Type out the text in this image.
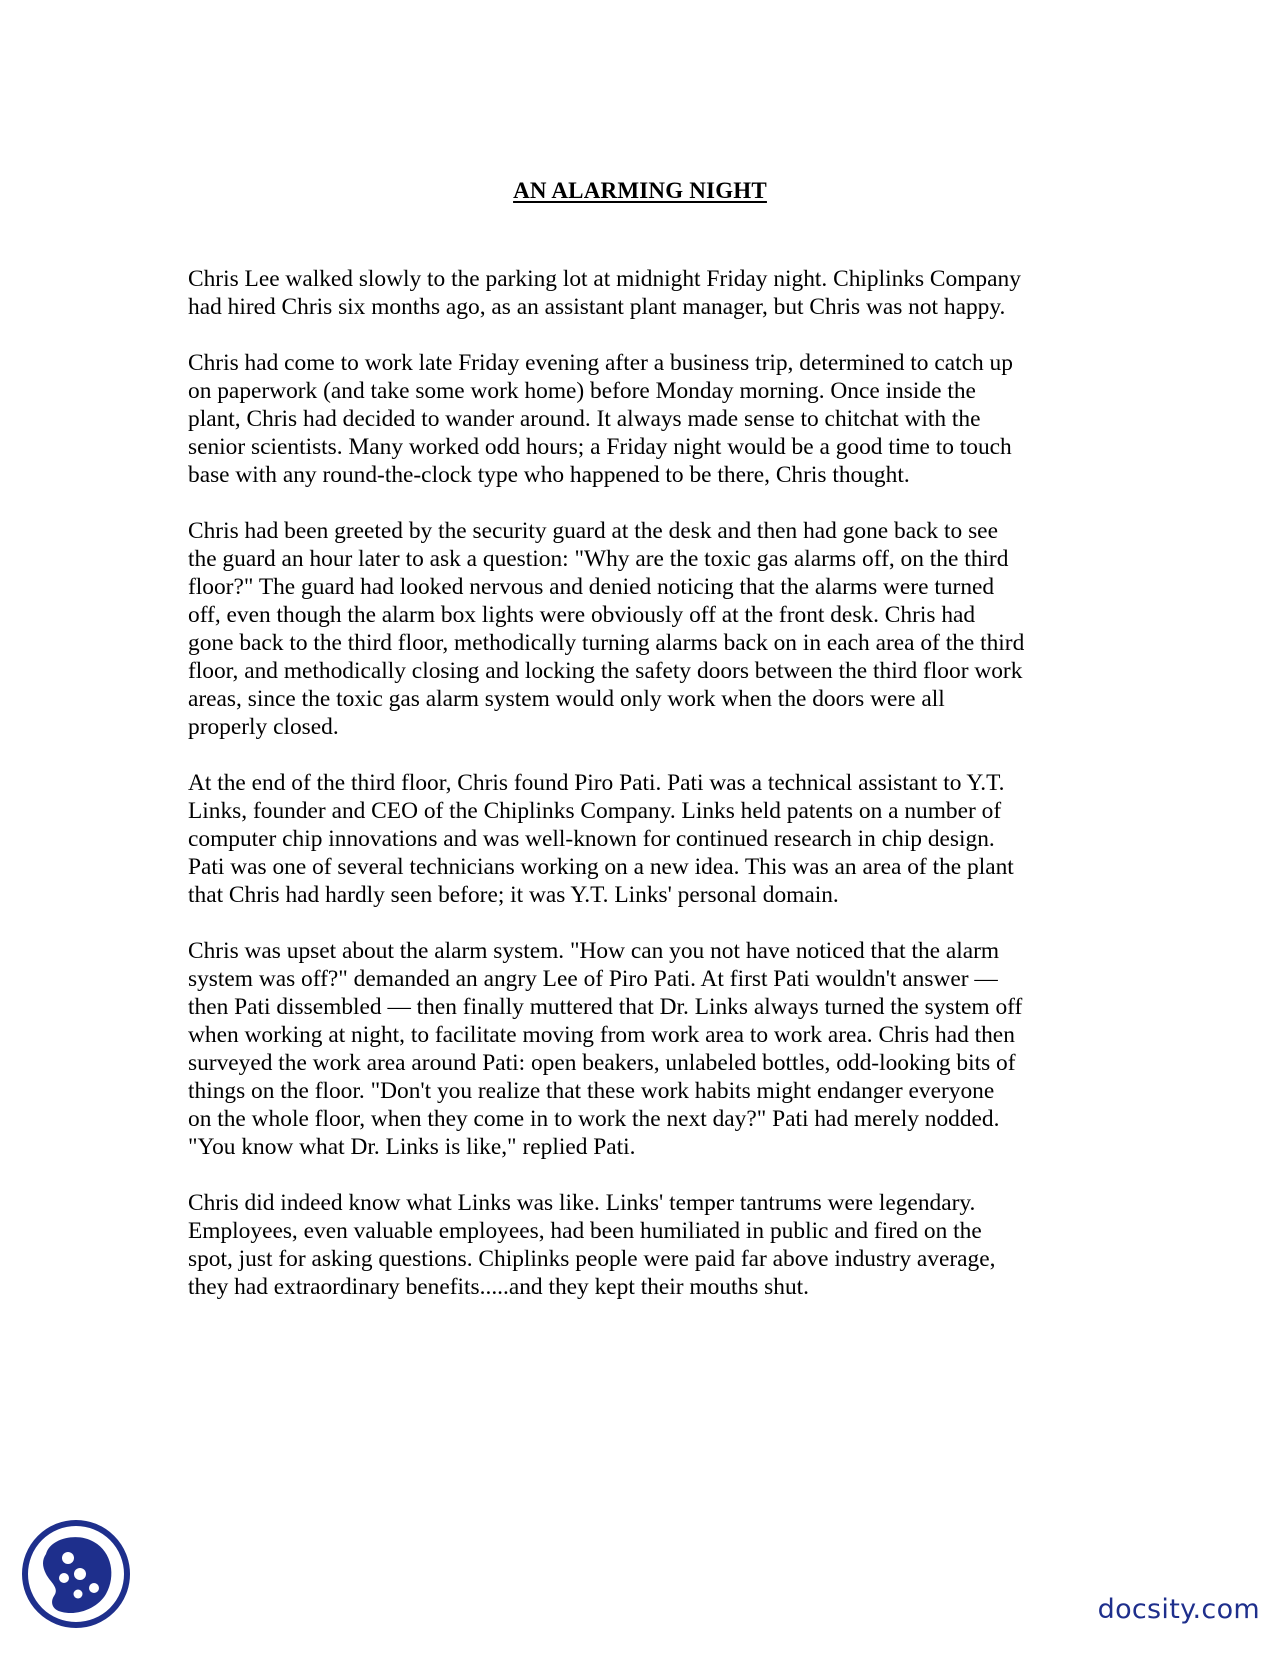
AN ALARMING NIGHT

Chris Lee walked slowly to the parking lot at midnight Friday night. Chiplinks Company
had hired Chris six months ago, as an assistant plant manager, but Chris was not happy.

Chris had come to work late Friday evening after a business trip, determined to catch up
on paperwork (and take some work home) before Monday morning. Once inside the
plant, Chris had decided to wander around. It always made sense to chitchat with the
senior scientists. Many worked odd hours; a Friday night would be a good time to touch
base with any round-the-clock type who happened to be there, Chris thought.

Chris had been greeted by the security guard at the desk and then had gone back to see
the guard an hour later to ask a question: "Why are the toxic gas alarms off, on the third
floor?" The guard had looked nervous and denied noticing that the alarms were turned
off, even though the alarm box lights were obviously off at the front desk. Chris had
gone back to the third floor, methodically turning alarms back on in each area of the third
floor, and methodically closing and locking the safety doors between the third floor work
areas, since the toxic gas alarm system would only work when the doors were all
properly closed.

At the end of the third floor, Chris found Piro Pati. Pati was a technical assistant to Y.T.
Links, founder and CEO of the Chiplinks Company. Links held patents on a number of
computer chip innovations and was well-known for continued research in chip design.
Pati was one of several technicians working on a new idea. This was an area of the plant
that Chris had hardly seen before; it was Y.T. Links' personal domain.

Chris was upset about the alarm system. "How can you not have noticed that the alarm
system was off?" demanded an angry Lee of Piro Pati. At first Pati wouldn't answer —
then Pati dissembled — then finally muttered that Dr. Links always turned the system off
when working at night, to facilitate moving from work area to work area. Chris had then
surveyed the work area around Pati: open beakers, unlabeled bottles, odd-looking bits of
things on the floor. "Don't you realize that these work habits might endanger everyone
on the whole floor, when they come in to work the next day?" Pati had merely nodded.
"You know what Dr. Links is like," replied Pati.

Chris did indeed know what Links was like. Links' temper tantrums were legendary.
Employees, even valuable employees, had been humiliated in public and fired on the
spot, just for asking questions. Chiplinks people were paid far above industry average,
they had extraordinary benefits.....and they kept their mouths shut.

docsity.com
